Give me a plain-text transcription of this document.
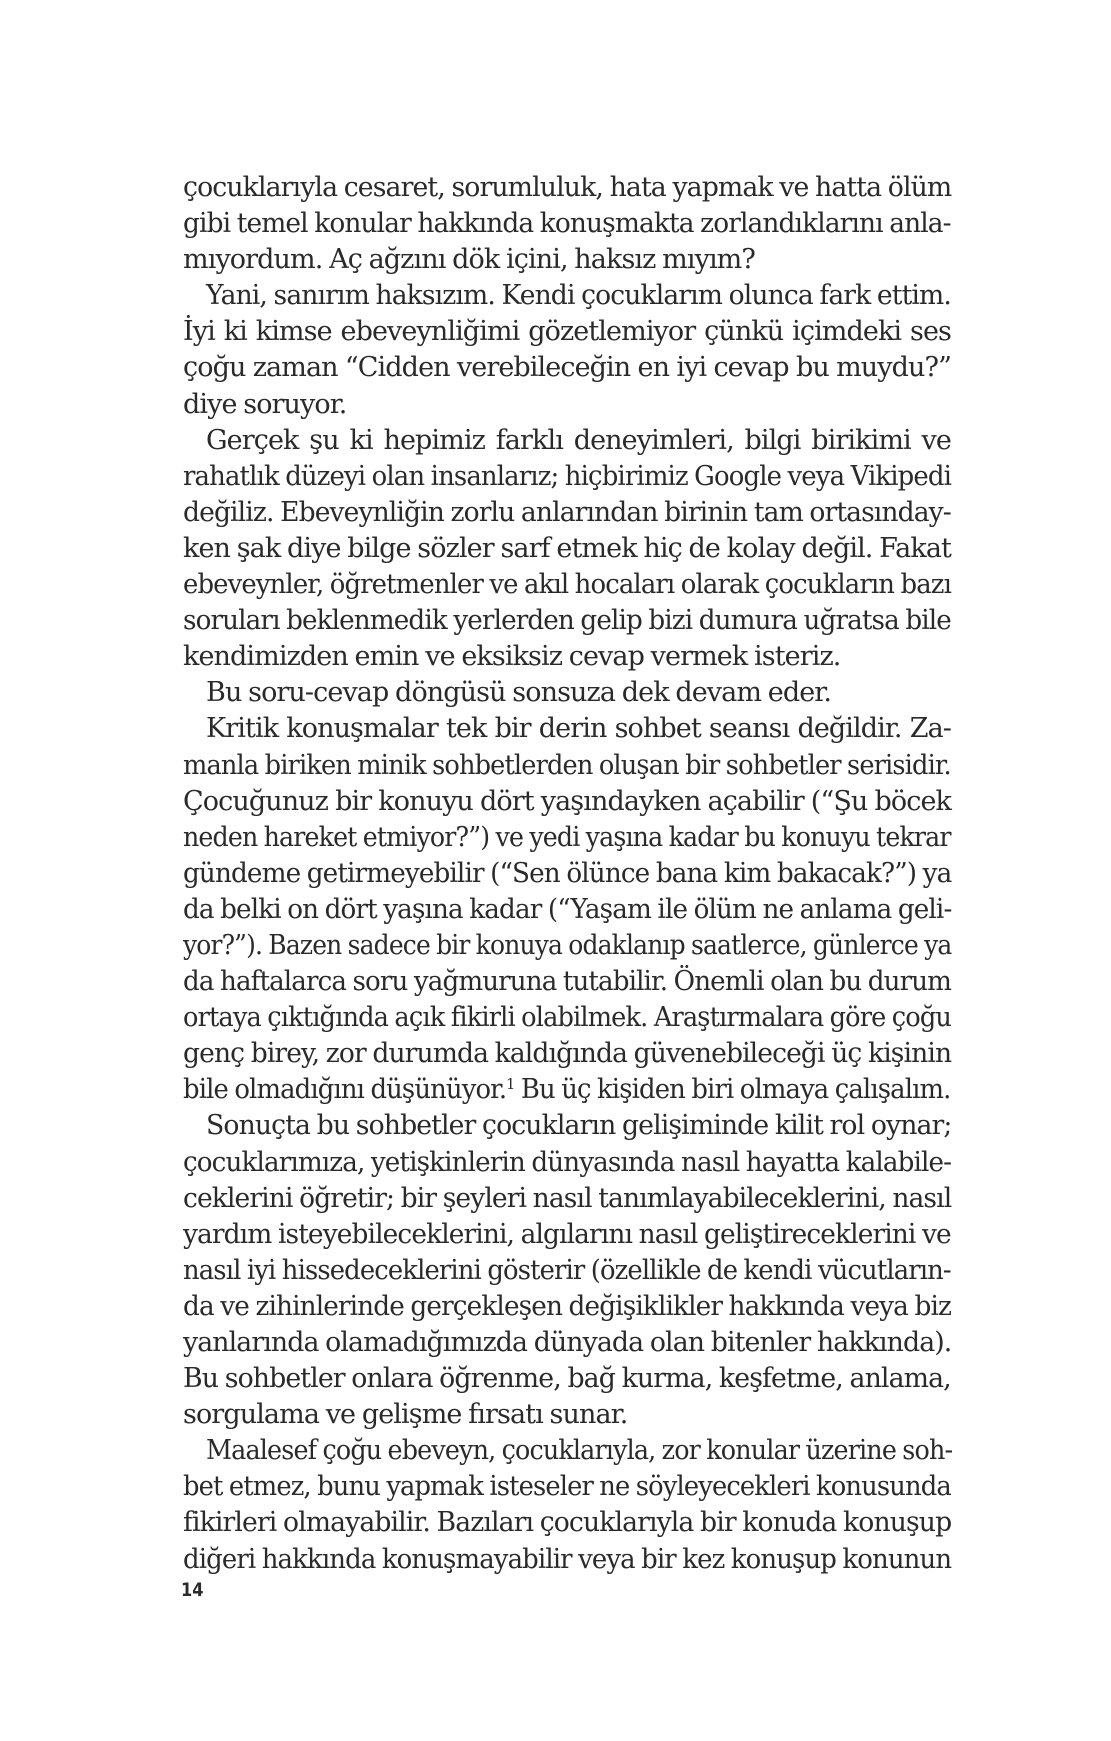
çocuklarıyla cesaret, sorumluluk, hata yapmak ve hatta ölüm
gibi temel konular hakkında konuşmakta zorlandıklarını anla-
mıyordum. Aç ağzını dök içini, haksız mıyım?
Yani, sanırım haksızım. Kendi çocuklarım olunca fark ettim.
İyi ki kimse ebeveynliğimi gözetlemiyor çünkü içimdeki ses
çoğu zaman “Cidden verebileceğin en iyi cevap bu muydu?”
diye soruyor.
Gerçek şu ki hepimiz farklı deneyimleri, bilgi birikimi ve
rahatlık düzeyi olan insanlarız; hiçbirimiz Google veya Vikipedi
değiliz. Ebeveynliğin zorlu anlarından birinin tam ortasınday-
ken şak diye bilge sözler sarf etmek hiç de kolay değil. Fakat
ebeveynler, öğretmenler ve akıl hocaları olarak çocukların bazı
soruları beklenmedik yerlerden gelip bizi dumura uğratsa bile
kendimizden emin ve eksiksiz cevap vermek isteriz.
Bu soru-cevap döngüsü sonsuza dek devam eder.
Kritik konuşmalar tek bir derin sohbet seansı değildir. Za-
manla biriken minik sohbetlerden oluşan bir sohbetler serisidir.
Çocuğunuz bir konuyu dört yaşındayken açabilir (“Şu böcek
neden hareket etmiyor?”) ve yedi yaşına kadar bu konuyu tekrar
gündeme getirmeyebilir (“Sen ölünce bana kim bakacak?”) ya
da belki on dört yaşına kadar (“Yaşam ile ölüm ne anlama geli-
yor?”). Bazen sadece bir konuya odaklanıp saatlerce, günlerce ya
da haftalarca soru yağmuruna tutabilir. Önemli olan bu durum
ortaya çıktığında açık fikirli olabilmek. Araştırmalara göre çoğu
genç birey, zor durumda kaldığında güvenebileceği üç kişinin
bile olmadığını düşünüyor.$^1$ Bu üç kişiden biri olmaya çalışalım.
Sonuçta bu sohbetler çocukların gelişiminde kilit rol oynar;
çocuklarımıza, yetişkinlerin dünyasında nasıl hayatta kalabile-
ceklerini öğretir; bir şeyleri nasıl tanımlayabileceklerini, nasıl
yardım isteyebileceklerini, algılarını nasıl geliştireceklerini ve
nasıl iyi hissedeceklerini gösterir (özellikle de kendi vücutların-
da ve zihinlerinde gerçekleşen değişiklikler hakkında veya biz
yanlarında olamadığımızda dünyada olan bitenler hakkında).
Bu sohbetler onlara öğrenme, bağ kurma, keşfetme, anlama,
sorgulama ve gelişme fırsatı sunar.
Maalesef çoğu ebeveyn, çocuklarıyla, zor konular üzerine soh-
bet etmez, bunu yapmak isteseler ne söyleyecekleri konusunda
fikirleri olmayabilir. Bazıları çocuklarıyla bir konuda konuşup
diğeri hakkında konuşmayabilir veya bir kez konuşup konunun
14
